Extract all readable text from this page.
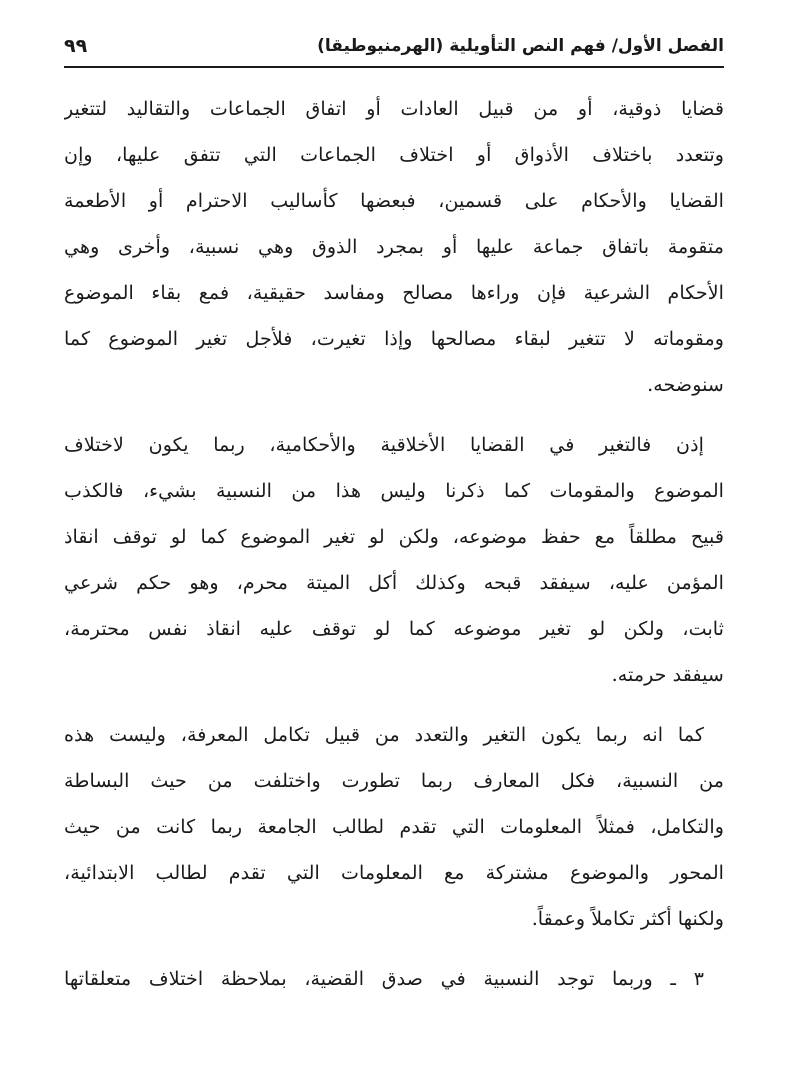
الفصل الأول/ فهم النص التأويلية (الهرمنيوطيقا)
٩٩
قضايا ذوقية، أو من قبيل العادات أو اتفاق الجماعات والتقاليد لتتغير
وتتعدد باختلاف الأذواق أو اختلاف الجماعات التي تتفق عليها، وإن
القضايا والأحكام على قسمين، فبعضها كأساليب الاحترام أو الأطعمة
متقومة باتفاق جماعة عليها أو بمجرد الذوق وهي نسبية، وأخرى وهي
الأحكام الشرعية فإن وراءها مصالح ومفاسد حقيقية، فمع بقاء الموضوع
ومقوماته لا تتغير لبقاء مصالحها وإذا تغيرت، فلأجل تغير الموضوع كما
سنوضحه.
إذن فالتغير في القضايا الأخلاقية والأحكامية، ربما يكون لاختلاف
الموضوع والمقومات كما ذكرنا وليس هذا من النسبية بشيء، فالكذب
قبيح مطلقاً مع حفظ موضوعه، ولكن لو تغير الموضوع كما لو توقف انقاذ
المؤمن عليه، سيفقد قبحه وكذلك أكل الميتة محرم، وهو حكم شرعي
ثابت، ولكن لو تغير موضوعه كما لو توقف عليه انقاذ نفس محترمة،
سيفقد حرمته.
كما انه ربما يكون التغير والتعدد من قبيل تكامل المعرفة، وليست هذه
من النسبية، فكل المعارف ربما تطورت واختلفت من حيث البساطة
والتكامل، فمثلاً المعلومات التي تقدم لطالب الجامعة ربما كانت من حيث
المحور والموضوع مشتركة مع المعلومات التي تقدم لطالب الابتدائية،
ولكنها أكثر تكاملاً وعمقاً.
٣ ـ وربما توجد النسبية في صدق القضية، بملاحظة اختلاف متعلقاتها
